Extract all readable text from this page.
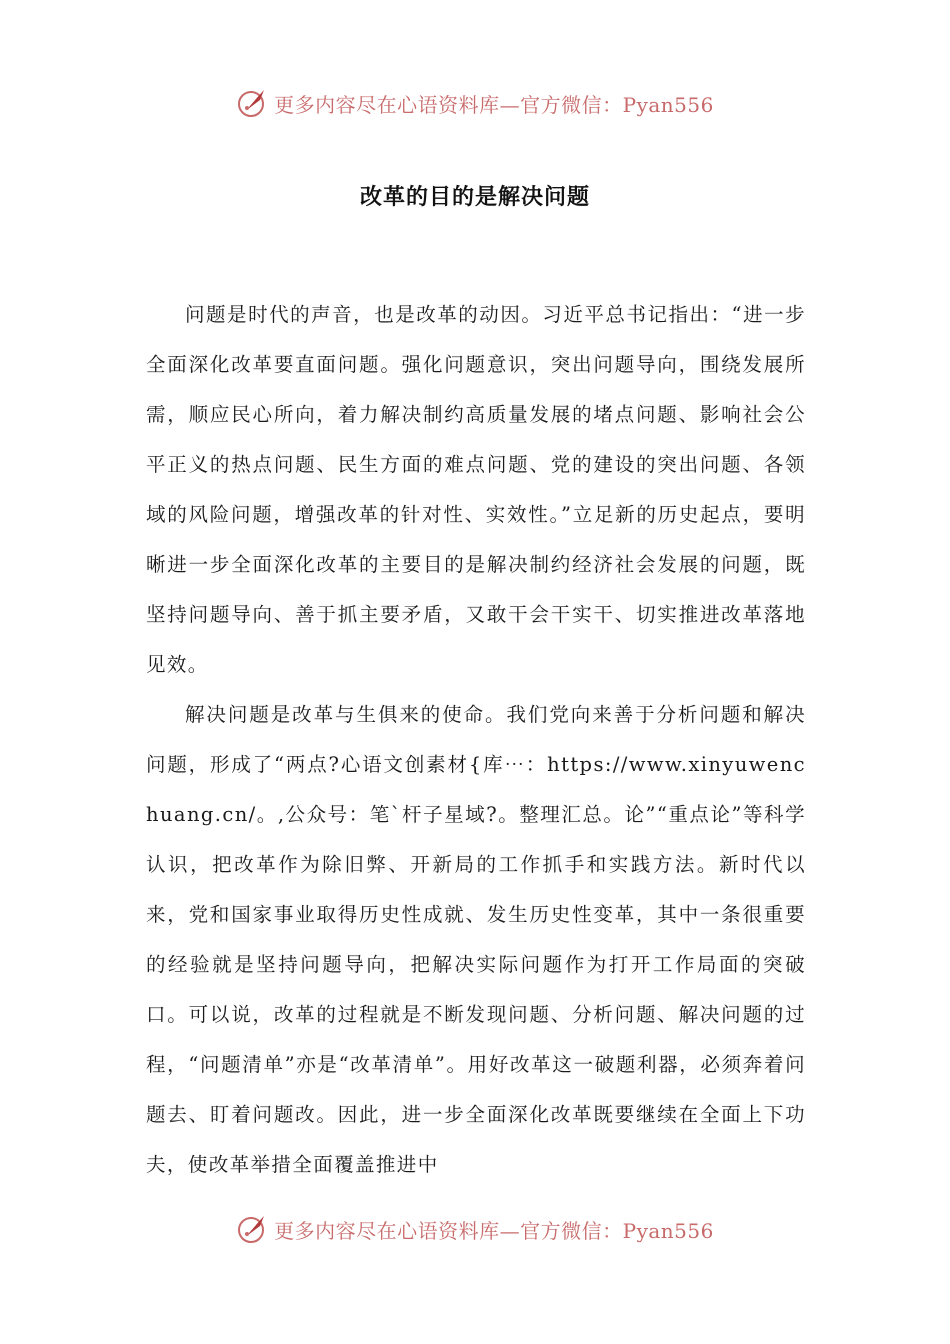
更多内容尽在心语资料库—官方微信：Pyan556
改革的目的是解决问题

问题是时代的声音，也是改革的动因。习近平总书记指出：“进一步全面深化改革要直面问题。强化问题意识，突出问题导向，围绕发展所需，顺应民心所向，着力解决制约高质量发展的堵点问题、影响社会公平正义的热点问题、民生方面的难点问题、党的建设的突出问题、各领域的风险问题，增强改革的针对性、实效性。”立足新的历史起点，要明晰进一步全面深化改革的主要目的是解决制约经济社会发展的问题，既坚持问题导向、善于抓主要矛盾，又敢干会干实干、切实推进改革落地见效。

解决问题是改革与生俱来的使命。我们党向来善于分析问题和解决问题，形成了“两点?心语文创素材{库⋯：https://www.xinyuwenchuang.cn/。,公众号：笔`杆子星域?。整理汇总。论”“重点论”等科学认识，把改革作为除旧弊、开新局的工作抓手和实践方法。新时代以来，党和国家事业取得历史性成就、发生历史性变革，其中一条很重要的经验就是坚持问题导向，把解决实际问题作为打开工作局面的突破口。可以说，改革的过程就是不断发现问题、分析问题、解决问题的过程，“问题清单”亦是“改革清单”。用好改革这一破题利器，必须奔着问题去、盯着问题改。因此，进一步全面深化改革既要继续在全面上下功夫，使改革举措全面覆盖推进中

更多内容尽在心语资料库—官方微信：Pyan556
